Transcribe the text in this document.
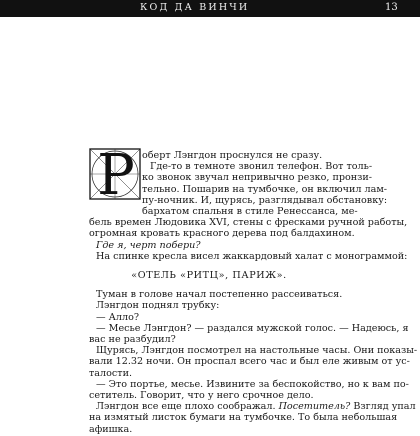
КОД ДА ВИНЧИ	13
Р оберт Лэнгдон проснулся не сразу.
Где-то в темноте звонил телефон. Вот толь-
ко звонок звучал непривычно резко, пронзи-
тельно. Пошарив на тумбочке, он включил лам-
пу-ночник. И, щурясь, разглядывал обстановку:
бархатом спальня в стиле Ренессанса, ме-
бель времен Людовика XVI, стены с фресками ручной работы,
огромная кровать красного дерева под балдахином.
Где я, черт побери?
На спинке кресла висел жаккардовый халат с монограммой:
«ОТЕЛЬ «РИТЦ», ПАРИЖ».
Туман в голове начал постепенно рассеиваться.
Лэнгдон поднял трубку:
— Алло?
— Месье Лэнгдон? — раздался мужской голос. — Надеюсь, я
вас не разбудил?
Щурясь, Лэнгдон посмотрел на настольные часы. Они показы-
вали 12.32 ночи. Он проспал всего час и был еле живым от ус-
талости.
— Это портье, месье. Извините за беспокойство, но к вам по-
сетитель. Говорит, что у него срочное дело.
Лэнгдон все еще плохо соображал. Посетитель? Взгляд упал
на измятый листок бумаги на тумбочке. То была небольшая
афишка.
